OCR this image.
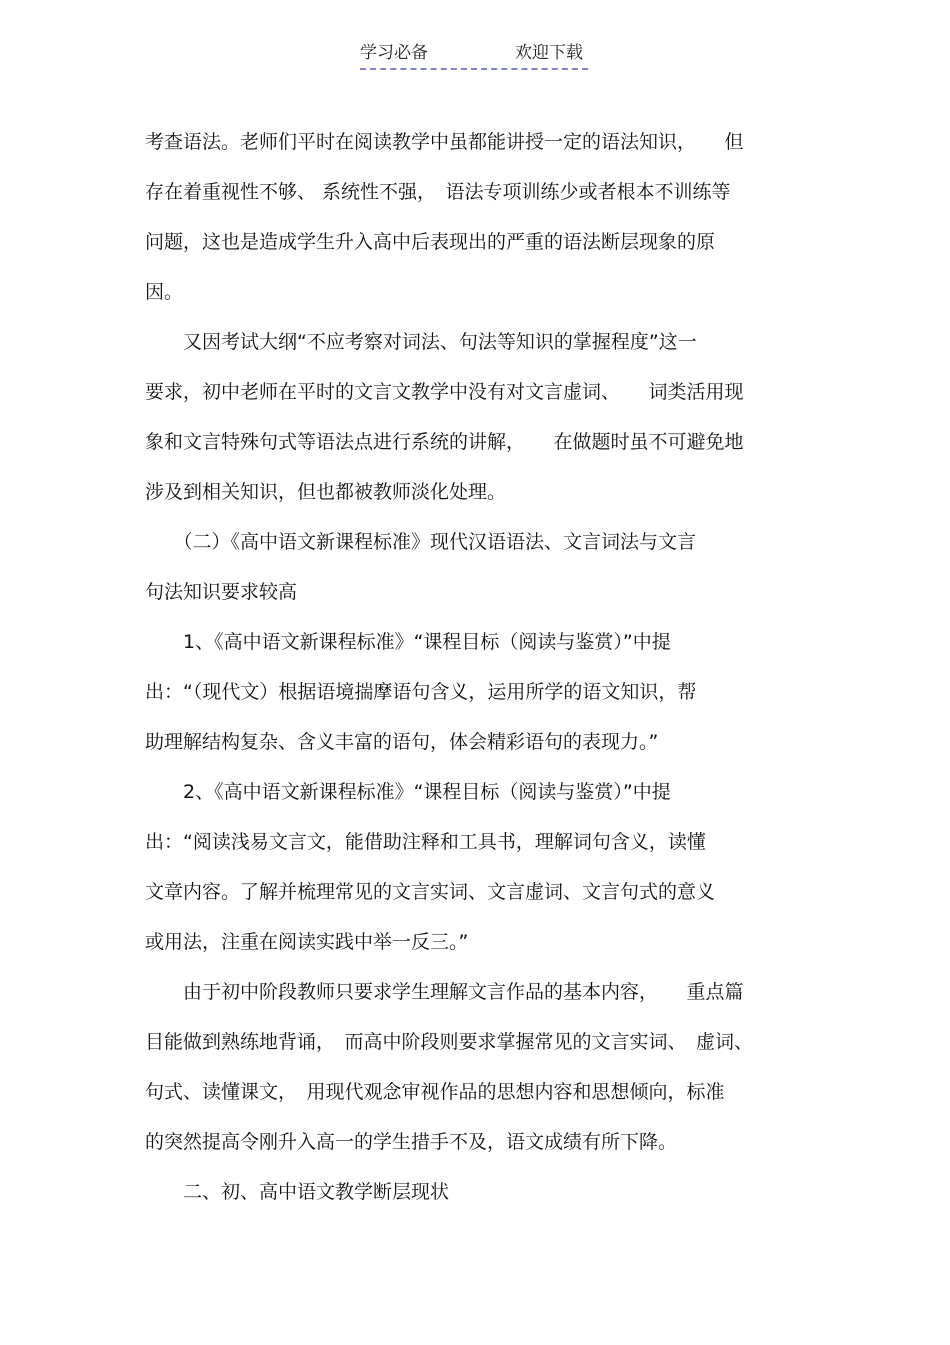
学习必备	欢迎下载
考查语法。老师们平时在阅读教学中虽都能讲授一定的语法知识，　　但
存在着重视性不够、 系统性不强，　语法专项训练少或者根本不训练等
问题，这也是造成学生升入高中后表现出的严重的语法断层现象的原
因。
　　又因考试大纲“不应考察对词法、句法等知识的掌握程度”这一
要求，初中老师在平时的文言文教学中没有对文言虚词、　　词类活用现
象和文言特殊句式等语法点进行系统的讲解，　　在做题时虽不可避免地
涉及到相关知识，但也都被教师淡化处理。
　　（二）《高中语文新课程标准》现代汉语语法、文言词法与文言
句法知识要求较高
　　1、《高中语文新课程标准》“课程目标（阅读与鉴赏）”中提
出：“（现代文）根据语境揣摩语句含义，运用所学的语文知识，帮
助理解结构复杂、含义丰富的语句，体会精彩语句的表现力。”
　　2、《高中语文新课程标准》“课程目标（阅读与鉴赏）”中提
出：“阅读浅易文言文，能借助注释和工具书，理解词句含义，读懂
文章内容。了解并梳理常见的文言实词、文言虚词、文言句式的意义
或用法，注重在阅读实践中举一反三。”
　　由于初中阶段教师只要求学生理解文言作品的基本内容，　　重点篇
目能做到熟练地背诵，　而高中阶段则要求掌握常见的文言实词、　虚词、
句式、读懂课文，　用现代观念审视作品的思想内容和思想倾向，标准
的突然提高令刚升入高一的学生措手不及，语文成绩有所下降。
　　二、初、高中语文教学断层现状
